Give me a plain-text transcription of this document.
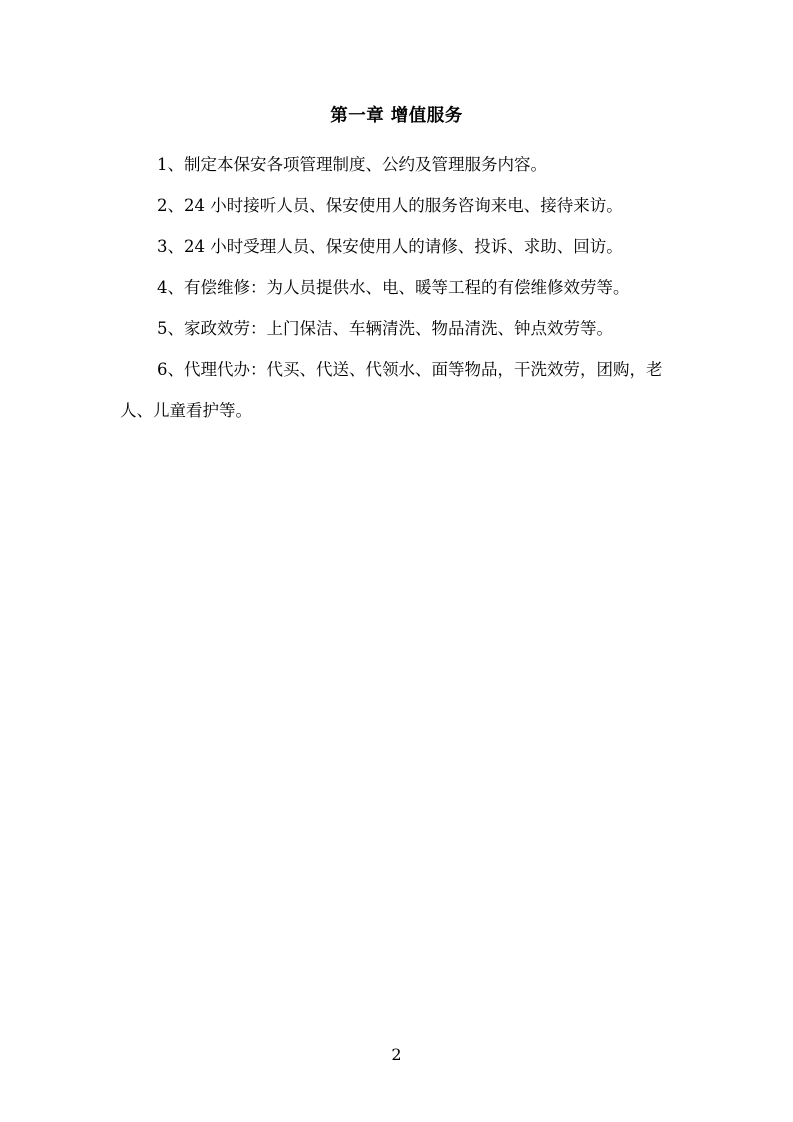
第一章 增值服务

1、制定本保安各项管理制度、公约及管理服务内容。

2、24 小时接听人员、保安使用人的服务咨询来电、接待来访。

3、24 小时受理人员、保安使用人的请修、投诉、求助、回访。

4、有偿维修：为人员提供水、电、暖等工程的有偿维修效劳等。

5、家政效劳：上门保洁、车辆清洗、物品清洗、钟点效劳等。

6、代理代办：代买、代送、代领水、面等物品，干洗效劳，团购，老人、儿童看护等。

2
